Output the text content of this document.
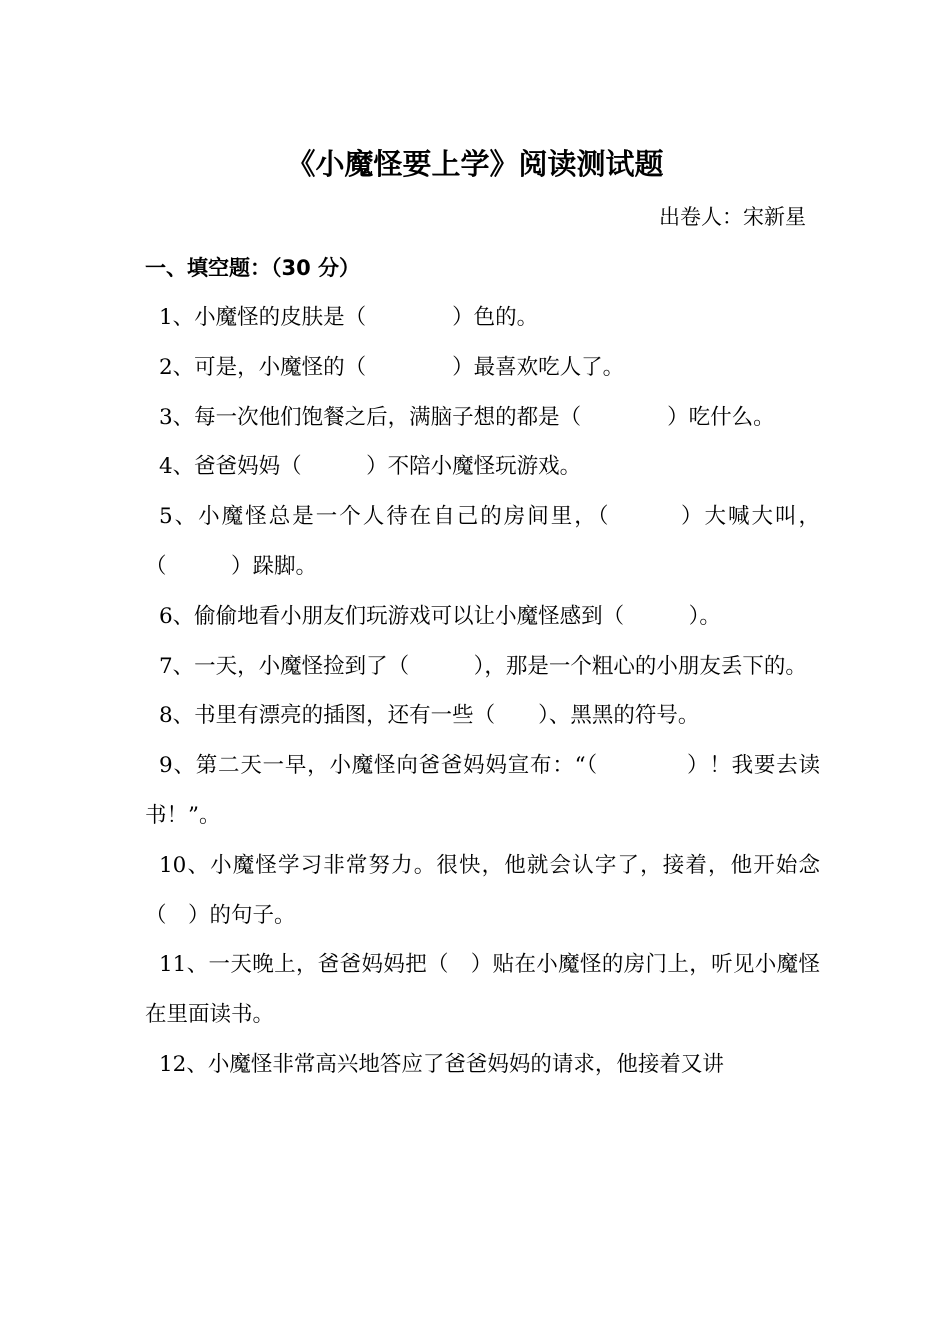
《小魔怪要上学》阅读测试题
出卷人：宋新星
一、填空题：（30 分）
1、小魔怪的皮肤是（　　　　）色的。
2、可是，小魔怪的（　　　　）最喜欢吃人了。
3、每一次他们饱餐之后，满脑子想的都是（　　　　）吃什么。
4、爸爸妈妈（　　　）不陪小魔怪玩游戏。
5、小魔怪总是一个人待在自己的房间里，（　　　）大喊大叫，（　　　）跺脚。
6、偷偷地看小朋友们玩游戏可以让小魔怪感到（　　　）。
7、一天，小魔怪捡到了（　　　），那是一个粗心的小朋友丢下的。
8、书里有漂亮的插图，还有一些（　　）、黑黑的符号。
9、第二天一早，小魔怪向爸爸妈妈宣布：“（　　　　）！我要去读书！”。
10、小魔怪学习非常努力。很快，他就会认字了，接着，他开始念（　）的句子。
11、一天晚上，爸爸妈妈把（　）贴在小魔怪的房门上，听见小魔怪在里面读书。
12、小魔怪非常高兴地答应了爸爸妈妈的请求，他接着又讲
